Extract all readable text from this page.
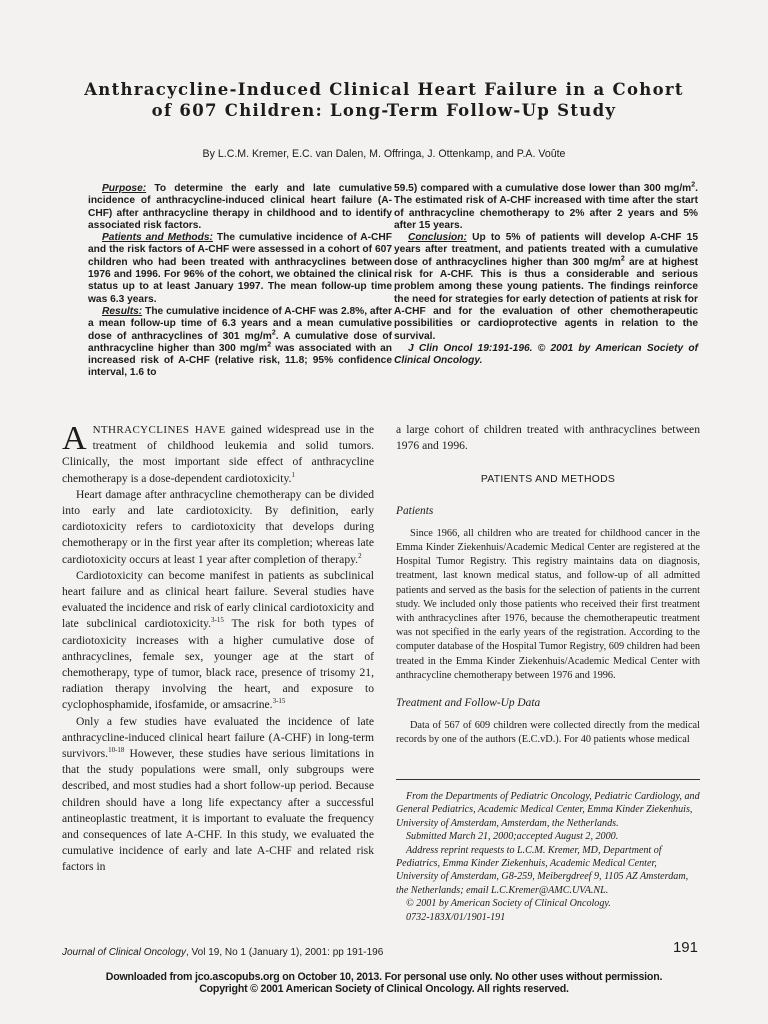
Anthracycline-Induced Clinical Heart Failure in a Cohort
of 607 Children: Long-Term Follow-Up Study
By L.C.M. Kremer, E.C. van Dalen, M. Offringa, J. Ottenkamp, and P.A. Voûte

Purpose: To determine the early and late cumulative incidence of anthracycline-induced clinical heart failure (A-CHF) after anthracycline therapy in childhood and to identify associated risk factors.

Patients and Methods: The cumulative incidence of A-CHF and the risk factors of A-CHF were assessed in a cohort of 607 children who had been treated with anthracyclines between 1976 and 1996. For 96% of the cohort, we obtained the clinical status up to at least January 1997. The mean follow-up time was 6.3 years.

Results: The cumulative incidence of A-CHF was 2.8%, after a mean follow-up time of 6.3 years and a mean cumulative dose of anthracyclines of 301 $mg/m^2$. A cumulative dose of anthracycline higher than 300 $mg/m^2$ was associated with an increased risk of A-CHF (relative risk, 11.8; 95% confidence interval, 1.6 to

59.5) compared with a cumulative dose lower than 300 $mg/m^2$. The estimated risk of A-CHF increased with time after the start of anthracycline chemotherapy to 2% after 2 years and 5% after 15 years.

Conclusion: Up to 5% of patients will develop A-CHF 15 years after treatment, and patients treated with a cumulative dose of anthracyclines higher than 300 $mg/m^2$ are at highest risk for A-CHF. This is thus a considerable and serious problem among these young patients. The findings reinforce the need for strategies for early detection of patients at risk for A-CHF and for the evaluation of other chemotherapeutic possibilities or cardioprotective agents in relation to the survival.

J Clin Oncol 19:191-196. © 2001 by American Society of Clinical Oncology.

ANTHRACYCLINES HAVE gained widespread use in the treatment of childhood leukemia and solid tumors. Clinically, the most important side effect of anthracycline chemotherapy is a dose-dependent cardiotoxicity.$^1$

Heart damage after anthracycline chemotherapy can be divided into early and late cardiotoxicity. By definition, early cardiotoxicity refers to cardiotoxicity that develops during chemotherapy or in the first year after its completion; whereas late cardiotoxicity occurs at least 1 year after completion of therapy.$^2$

Cardiotoxicity can become manifest in patients as subclinical heart failure and as clinical heart failure. Several studies have evaluated the incidence and risk of early clinical cardiotoxicity and late subclinical cardiotoxicity.$^{3-15}$ The risk for both types of cardiotoxicity increases with a higher cumulative dose of anthracyclines, female sex, younger age at the start of chemotherapy, type of tumor, black race, presence of trisomy 21, radiation therapy involving the heart, and exposure to cyclophosphamide, ifosfamide, or amsacrine.$^{3-15}$

Only a few studies have evaluated the incidence of late anthracycline-induced clinical heart failure (A-CHF) in long-term survivors.$^{10-18}$ However, these studies have serious limitations in that the study populations were small, only subgroups were described, and most studies had a short follow-up period. Because children should have a long life expectancy after a successful antineoplastic treatment, it is important to evaluate the frequency and consequences of late A-CHF. In this study, we evaluated the cumulative incidence of early and late A-CHF and related risk factors in

a large cohort of children treated with anthracyclines between 1976 and 1996.

PATIENTS AND METHODS
Patients

Since 1966, all children who are treated for childhood cancer in the Emma Kinder Ziekenhuis/Academic Medical Center are registered at the Hospital Tumor Registry. This registry maintains data on diagnosis, treatment, last known medical status, and follow-up of all admitted patients and served as the basis for the selection of patients in the current study. We included only those patients who received their first treatment with anthracyclines after 1976, because the chemotherapeutic treatment was not specified in the early years of the registration. According to the computer database of the Hospital Tumor Registry, 609 children had been treated in the Emma Kinder Ziekenhuis/Academic Medical Center with anthracycline chemotherapy between 1976 and 1996.

Treatment and Follow-Up Data

Data of 567 of 609 children were collected directly from the medical records by one of the authors (E.C.vD.). For 40 patients whose medical

From the Departments of Pediatric Oncology, Pediatric Cardiology, and General Pediatrics, Academic Medical Center, Emma Kinder Ziekenhuis, University of Amsterdam, Amsterdam, the Netherlands.

Submitted March 21, 2000;accepted August 2, 2000.

Address reprint requests to L.C.M. Kremer, MD, Department of Pediatrics, Emma Kinder Ziekenhuis, Academic Medical Center, University of Amsterdam, G8-259, Meibergdreef 9, 1105 AZ Amsterdam, the Netherlands; email L.C.Kremer@AMC.UVA.NL.

© 2001 by American Society of Clinical Oncology.

0732-183X/01/1901-191

Journal of Clinical Oncology, Vol 19, No 1 (January 1), 2001: pp 191-196	191
Downloaded from jco.ascopubs.org on October 10, 2013. For personal use only. No other uses without permission.
Copyright © 2001 American Society of Clinical Oncology. All rights reserved.
